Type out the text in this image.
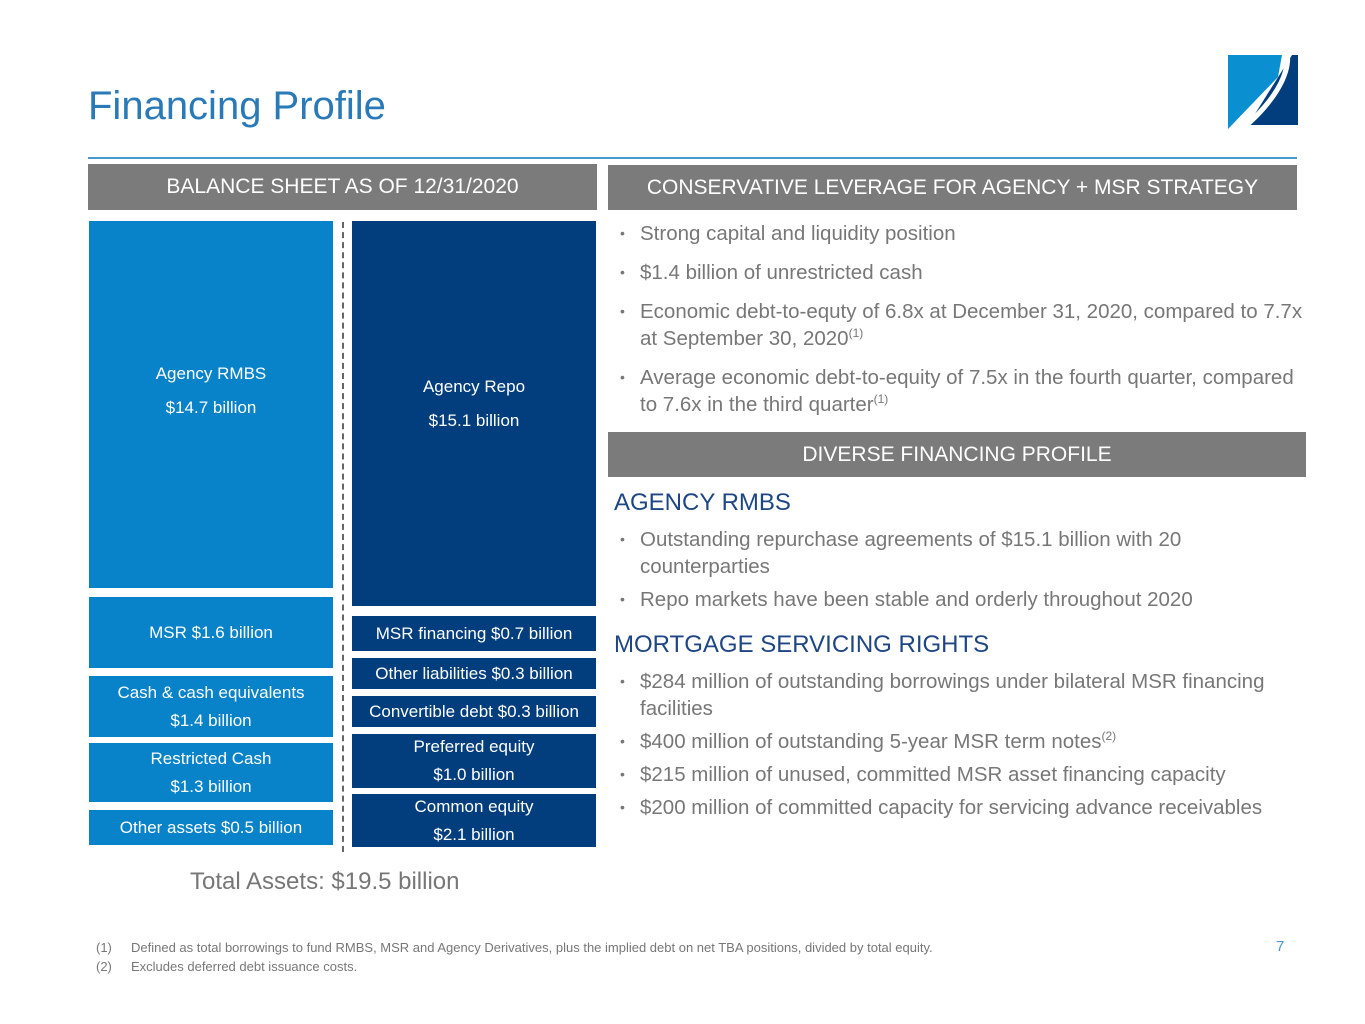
Financing Profile
BALANCE SHEET AS OF 12/31/2020
Agency RMBS
$14.7 billion
MSR $1.6 billion
Cash & cash equivalents
$1.4 billion
Restricted Cash
$1.3 billion
Other assets $0.5 billion
Agency Repo
$15.1 billion
MSR financing $0.7 billion
Other liabilities $0.3 billion
Convertible debt $0.3 billion
Preferred equity
$1.0 billion
Common equity
$2.1 billion
Total Assets: $19.5 billion
CONSERVATIVE LEVERAGE FOR AGENCY + MSR STRATEGY
• Strong capital and liquidity position
• $1.4 billion of unrestricted cash
• Economic debt-to-equty of 6.8x at December 31, 2020, compared to 7.7x at September 30, 2020$^{(1)}$
• Average economic debt-to-equity of 7.5x in the fourth quarter, compared to 7.6x in the third quarter$^{(1)}$
DIVERSE FINANCING PROFILE
AGENCY RMBS
• Outstanding repurchase agreements of $15.1 billion with 20 counterparties
• Repo markets have been stable and orderly throughout 2020
MORTGAGE SERVICING RIGHTS
• $284 million of outstanding borrowings under bilateral MSR financing facilities
• $400 million of outstanding 5-year MSR term notes$^{(2)}$
• $215 million of unused, committed MSR asset financing capacity
• $200 million of committed capacity for servicing advance receivables
(1) Defined as total borrowings to fund RMBS, MSR and Agency Derivatives, plus the implied debt on net TBA positions, divided by total equity.
(2) Excludes deferred debt issuance costs.
7
